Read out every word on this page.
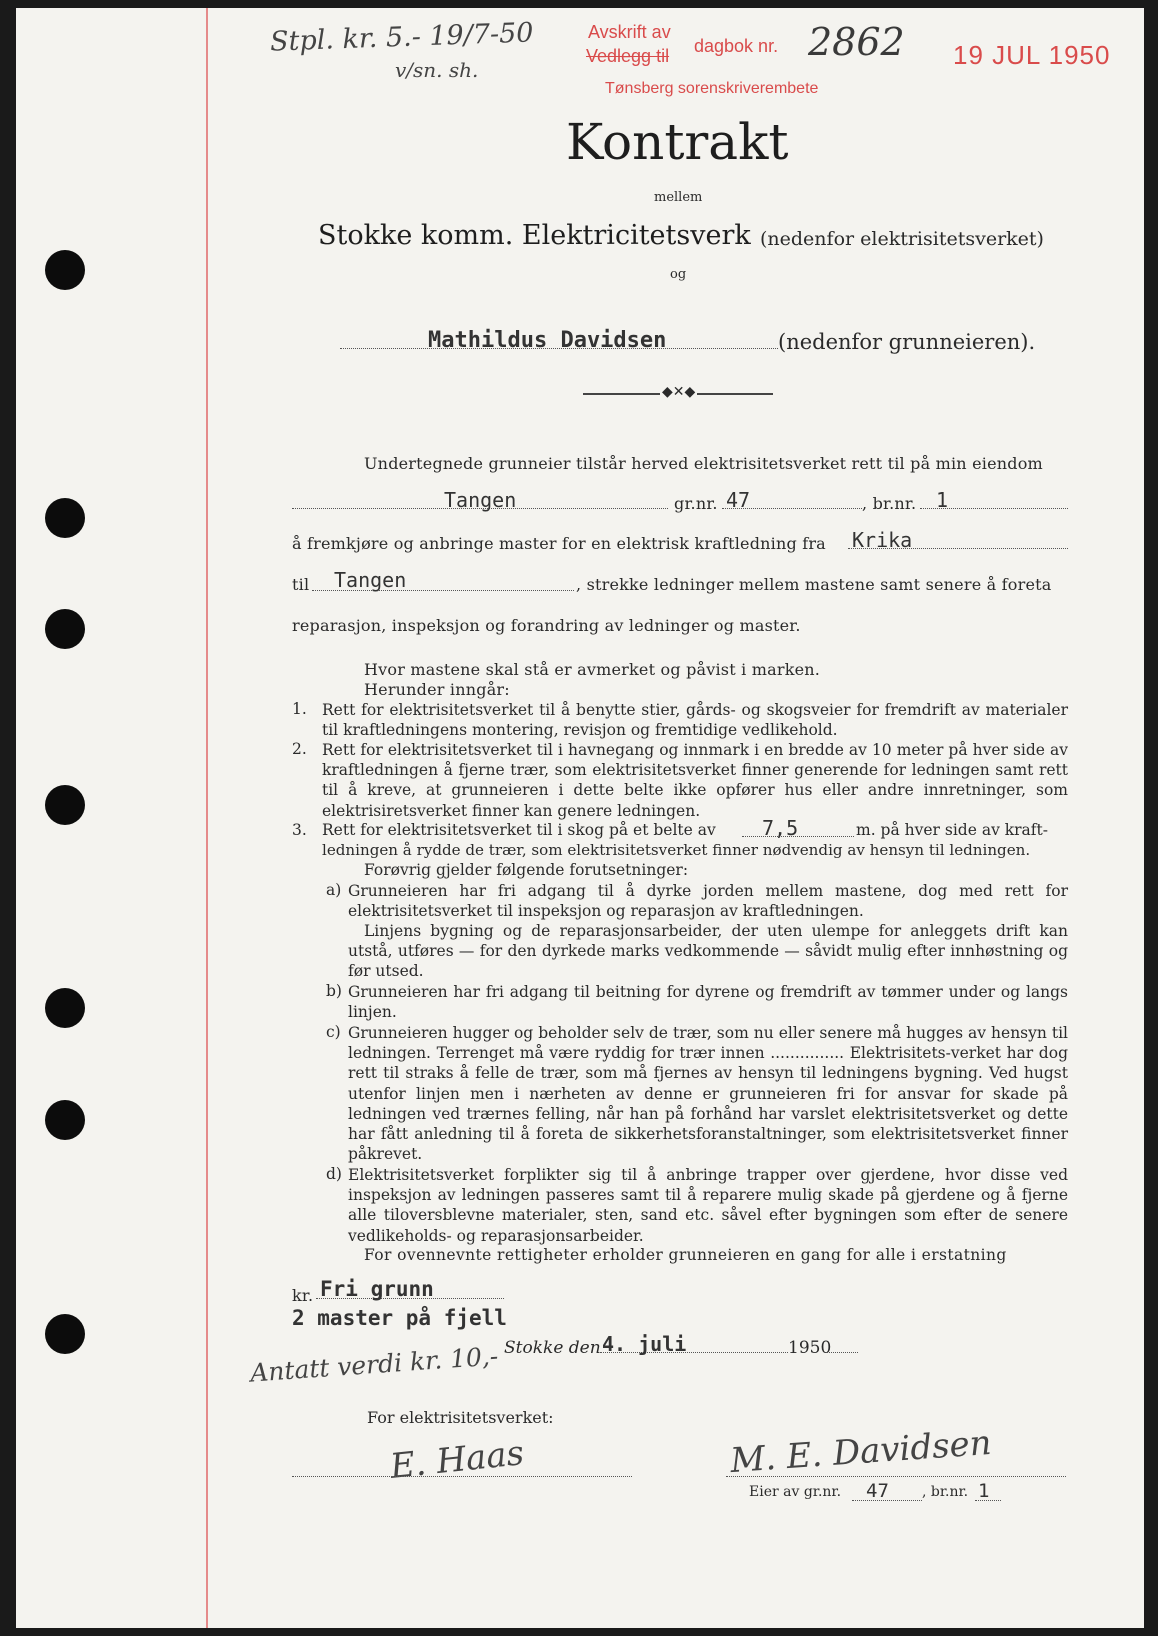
Stpl. kr. 5.- 19/7-50
v/sn. sh.
Avskrift av
Vedlegg til dagbok nr. 2862
Tønsberg sorenskriverembete
19 JUL 1950
Kontrakt
mellem
Stokke komm. Elektricitetsverk (nedenfor elektrisitetsverket)
og
Mathildus Davidsen	(nedenfor grunneieren).
◆✕◆
Undertegnede grunneier tilstår herved elektrisitetsverket rett til på min eiendom
Tangen	gr.nr. 47	, br.nr. 1
å fremkjøre og anbringe master for en elektrisk kraftledning fra Krika
til Tangen	, strekke ledninger mellem mastene samt senere å foreta
reparasjon, inspeksjon og forandring av ledninger og master.
Hvor mastene skal stå er avmerket og påvist i marken.
Herunder inngår:
1. Rett for elektrisitetsverket til å benytte stier, gårds- og skogsveier for fremdrift av materialer til kraftledningens montering, revisjon og fremtidige vedlikehold.
2. Rett for elektrisitetsverket til i havnegang og innmark i en bredde av 10 meter på hver side av kraftledningen å fjerne trær, som elektrisitetsverket finner generende for ledningen samt rett til å kreve, at grunneieren i dette belte ikke opfører hus eller andre innretninger, som elektrisiretsverket finner kan genere ledningen.
3. Rett for elektrisitetsverket til i skog på et belte av 7,5	m. på hver side av kraft-
ledningen å rydde de trær, som elektrisitetsverket finner nødvendig av hensyn til ledningen.
Forøvrig gjelder følgende forutsetninger:
a) Grunneieren har fri adgang til å dyrke jorden mellem mastene, dog med rett for elektrisitetsverket til inspeksjon og reparasjon av kraftledningen.
Linjens bygning og de reparasjonsarbeider, der uten ulempe for anleggets drift kan utstå, utføres — for den dyrkede marks vedkommende — såvidt mulig efter innhøstning og før utsed.
b) Grunneieren har fri adgang til beitning for dyrene og fremdrift av tømmer under og langs linjen.
c) Grunneieren hugger og beholder selv de trær, som nu eller senere må hugges av hensyn til ledningen. Terrenget må være ryddig for trær innen ............... Elektrisitets-verket har dog rett til straks å felle de trær, som må fjernes av hensyn til ledningens bygning. Ved hugst utenfor linjen men i nærheten av denne er grunneieren fri for ansvar for skade på ledningen ved trærnes felling, når han på forhånd har varslet elektrisitetsverket og dette har fått anledning til å foreta de sikkerhetsforanstaltninger, som elektrisitetsverket finner påkrevet.
d) Elektrisitetsverket forplikter sig til å anbringe trapper over gjerdene, hvor disse ved inspeksjon av ledningen passeres samt til å reparere mulig skade på gjerdene og å fjerne alle tiloversblevne materialer, sten, sand etc. såvel efter bygningen som efter de senere vedlikeholds- og reparasjonsarbeider.
For ovennevnte rettigheter erholder grunneieren en gang for alle i erstatning
kr. Fri grunn
2 master på fjell
Stokke den 4. juli	1950
Antatt verdi kr. 10,-
For elektrisitetsverket:
E. Haas	M. E. Davidsen
Eier av gr.nr. 47 , br.nr. 1
